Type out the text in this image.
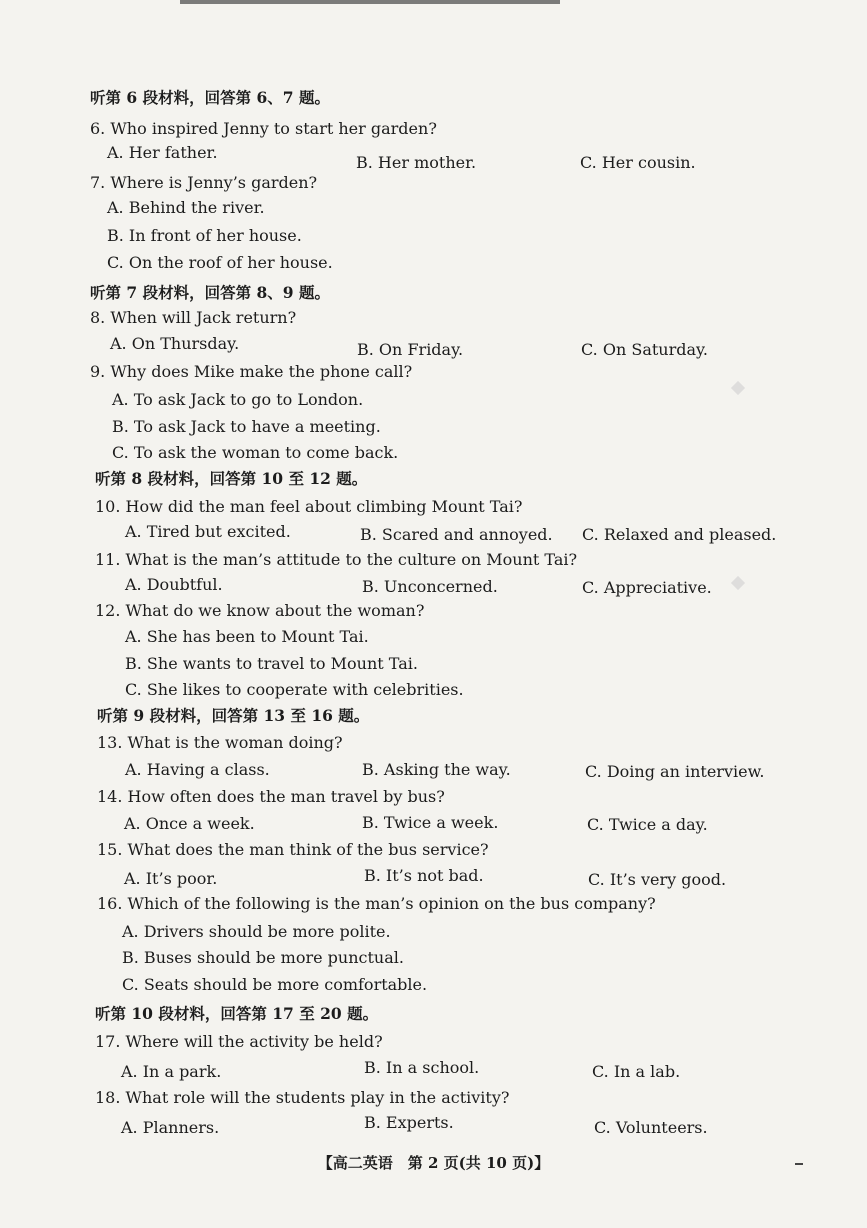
听第 6 段材料，回答第 6、7 题。
6. Who inspired Jenny to start her garden?
A. Her father.
B. Her mother.	C. Her cousin.
7. Where is Jenny’s garden?
A. Behind the river.
B. In front of her house.
C. On the roof of her house.
听第 7 段材料，回答第 8、9 题。
8. When will Jack return?
A. On Thursday.	B. On Friday.	C. On Saturday.
9. Why does Mike make the phone call?
A. To ask Jack to go to London.
B. To ask Jack to have a meeting.
C. To ask the woman to come back.
听第 8 段材料，回答第 10 至 12 题。
10. How did the man feel about climbing Mount Tai?
A. Tired but excited.	B. Scared and annoyed. C. Relaxed and pleased.
11. What is the man’s attitude to the culture on Mount Tai?
A. Doubtful.	B. Unconcerned.	C. Appreciative.
12. What do we know about the woman?
A. She has been to Mount Tai.
B. She wants to travel to Mount Tai.
C. She likes to cooperate with celebrities.
听第 9 段材料，回答第 13 至 16 题。
13. What is the woman doing?
A. Having a class.	B. Asking the way.	C. Doing an interview.
14. How often does the man travel by bus?
A. Once a week.	B. Twice a week.	C. Twice a day.
15. What does the man think of the bus service?
A. It’s poor.	B. It’s not bad.	C. It’s very good.
16. Which of the following is the man’s opinion on the bus company?
A. Drivers should be more polite.
B. Buses should be more punctual.
C. Seats should be more comfortable.
听第 10 段材料，回答第 17 至 20 题。
17. Where will the activity be held?
A. In a park.	B. In a school.	C. In a lab.
18. What role will the students play in the activity?
A. Planners.	B. Experts.	C. Volunteers.
【高二英语　第 2 页(共 10 页)】
